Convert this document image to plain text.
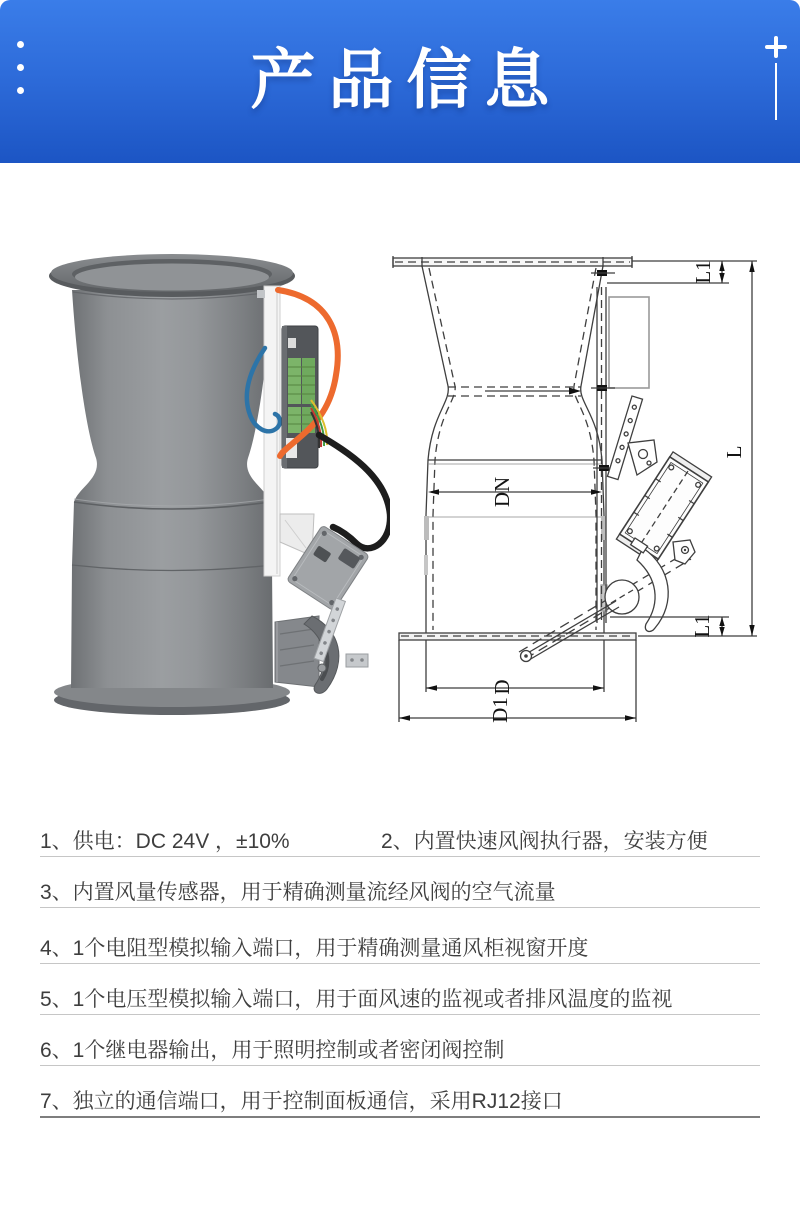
产品信息
L1
L
DN
L1
D
D1
1、供电：DC 24V ，±10%	2、内置快速风阀执行器，安装方便
3、内置风量传感器，用于精确测量流经风阀的空气流量
4、1个电阻型模拟输入端口，用于精确测量通风柜视窗开度
5、1个电压型模拟输入端口，用于面风速的监视或者排风温度的监视
6、1个继电器输出，用于照明控制或者密闭阀控制
7、独立的通信端口，用于控制面板通信，采用RJ12接口
